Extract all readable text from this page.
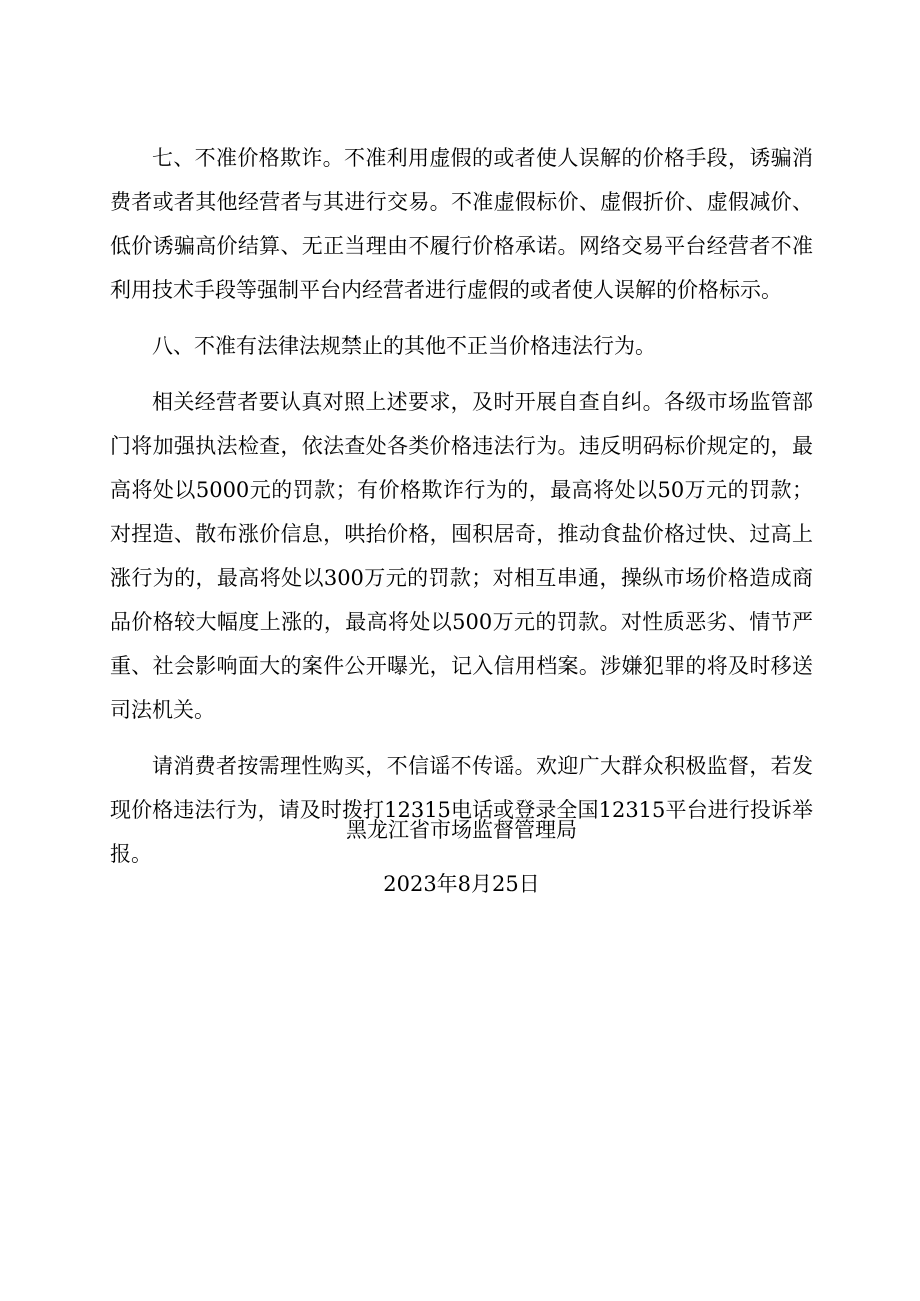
七、不准价格欺诈。不准利用虚假的或者使人误解的价格手段，诱骗消费者或者其他经营者与其进行交易。不准虚假标价、虚假折价、虚假减价、低价诱骗高价结算、无正当理由不履行价格承诺。网络交易平台经营者不准利用技术手段等强制平台内经营者进行虚假的或者使人误解的价格标示。

八、不准有法律法规禁止的其他不正当价格违法行为。

相关经营者要认真对照上述要求，及时开展自查自纠。各级市场监管部门将加强执法检查，依法查处各类价格违法行为。违反明码标价规定的，最高将处以5000元的罚款；有价格欺诈行为的，最高将处以50万元的罚款；对捏造、散布涨价信息，哄抬价格，囤积居奇，推动食盐价格过快、过高上涨行为的，最高将处以300万元的罚款；对相互串通，操纵市场价格造成商品价格较大幅度上涨的，最高将处以500万元的罚款。对性质恶劣、情节严重、社会影响面大的案件公开曝光，记入信用档案。涉嫌犯罪的将及时移送司法机关。

请消费者按需理性购买，不信谣不传谣。欢迎广大群众积极监督，若发现价格违法行为，请及时拨打12315电话或登录全国12315平台进行投诉举报。

黑龙江省市场监督管理局

2023年8月25日
